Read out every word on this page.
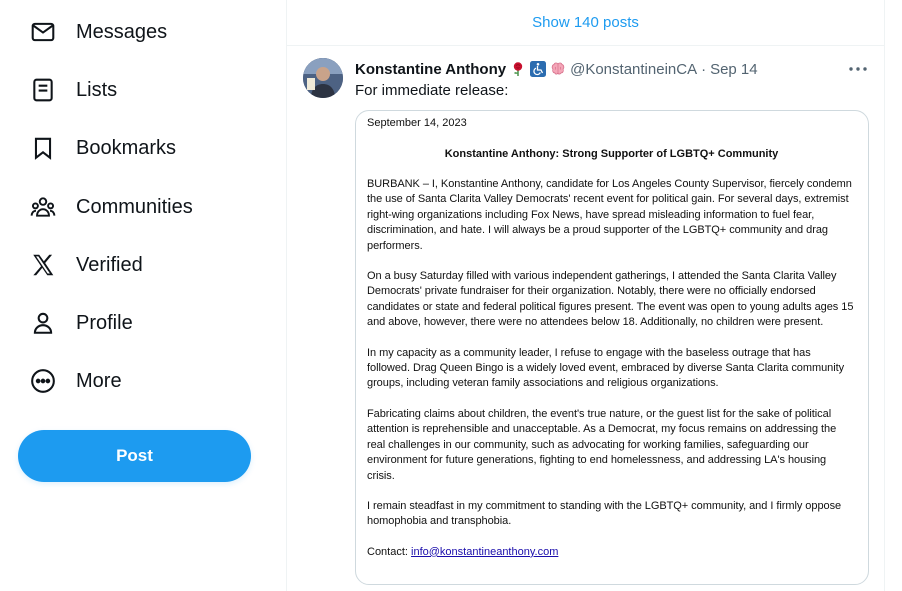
Messages
Lists
Bookmarks
Communities
Verified
Profile
More
Post
Show 140 posts
Konstantine Anthony	@KonstantineinCA · Sep 14
For immediate release:
September 14, 2023
Konstantine Anthony: Strong Supporter of LGBTQ+ Community

BURBANK – I, Konstantine Anthony, candidate for Los Angeles County Supervisor, fiercely condemn the use of Santa Clarita Valley Democrats' recent event for political gain. For several days, extremist right-wing organizations including Fox News, have spread misleading information to fuel fear, discrimination, and hate. I will always be a proud supporter of the LGBTQ+ community and drag performers.

On a busy Saturday filled with various independent gatherings, I attended the Santa Clarita Valley Democrats' private fundraiser for their organization. Notably, there were no officially endorsed candidates or state and federal political figures present. The event was open to young adults ages 15 and above, however, there were no attendees below 18. Additionally, no children were present.

In my capacity as a community leader, I refuse to engage with the baseless outrage that has followed. Drag Queen Bingo is a widely loved event, embraced by diverse Santa Clarita community groups, including veteran family associations and religious organizations.

Fabricating claims about children, the event's true nature, or the guest list for the sake of political attention is reprehensible and unacceptable. As a Democrat, my focus remains on addressing the real challenges in our community, such as advocating for working families, safeguarding our environment for future generations, fighting to end homelessness, and addressing LA's housing crisis.

I remain steadfast in my commitment to standing with the LGBTQ+ community, and I firmly oppose homophobia and transphobia.

Contact: info@konstantineanthony.com
